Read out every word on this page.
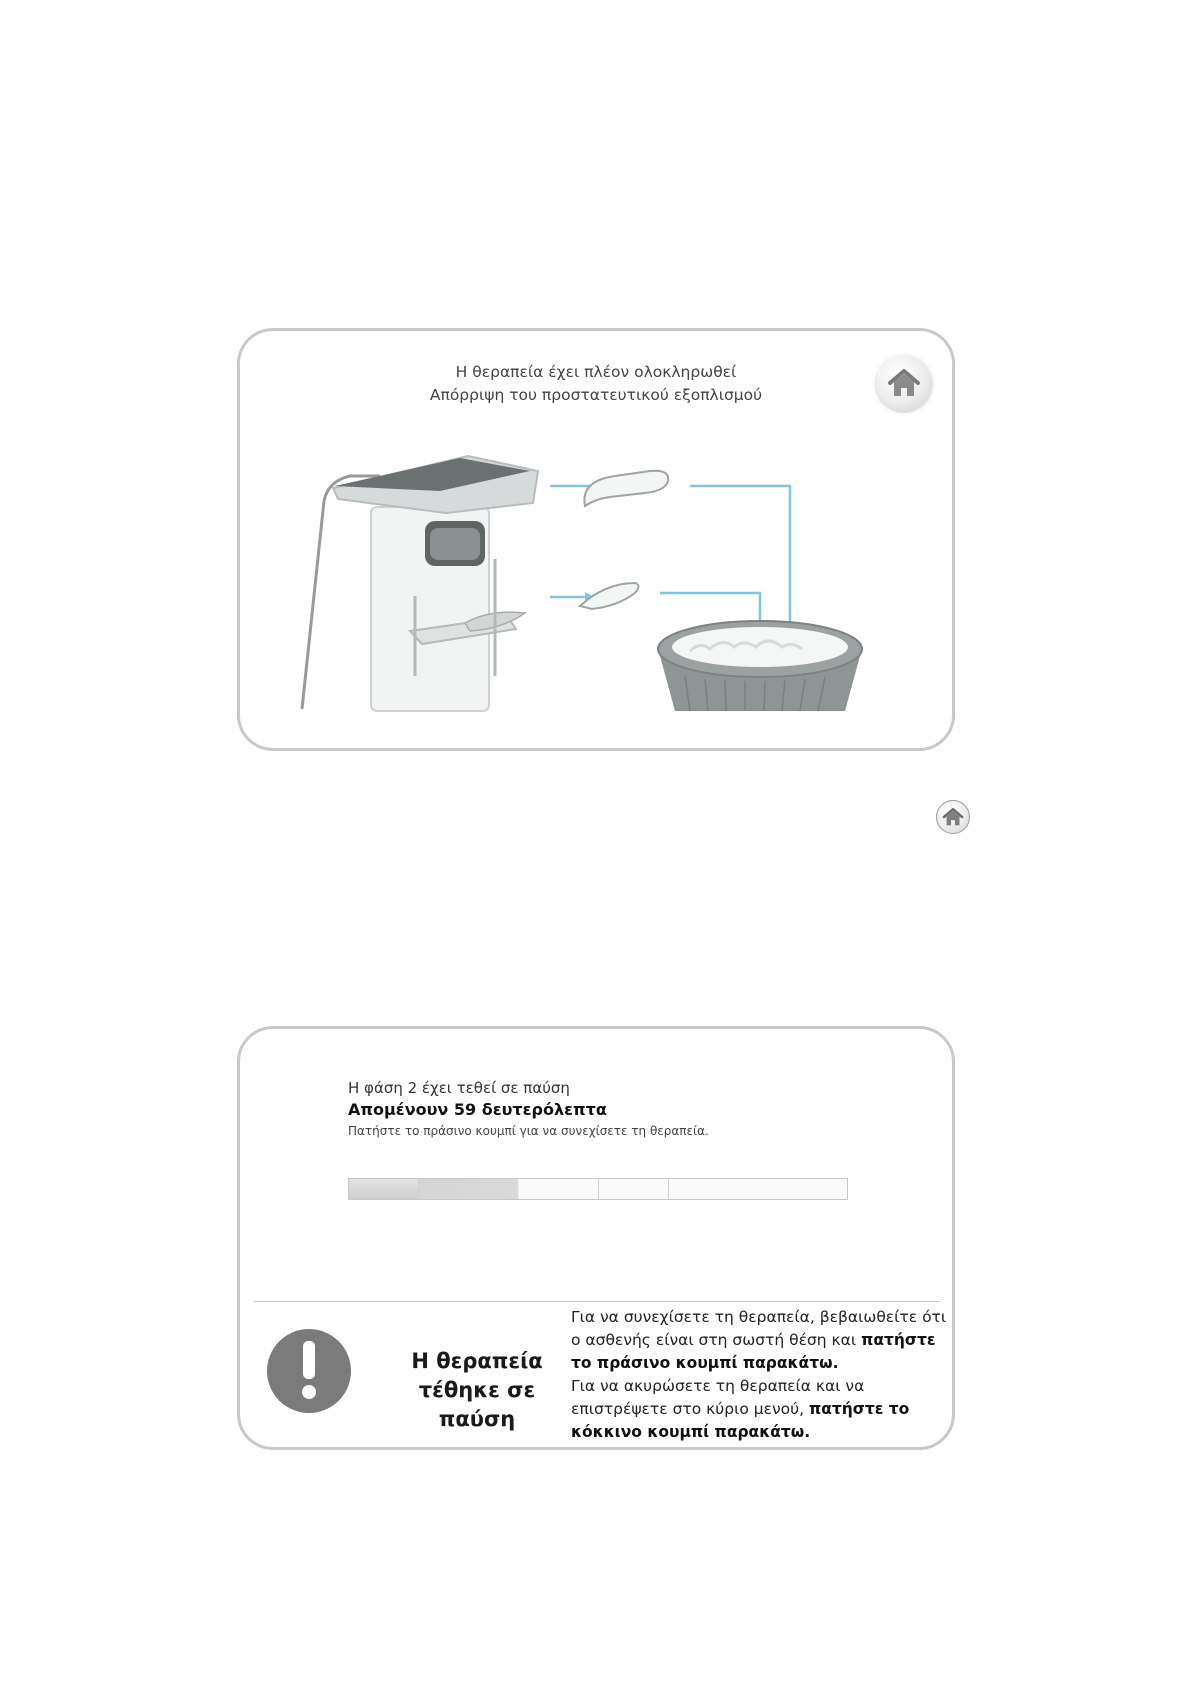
Η θεραπεία έχει πλέον ολοκληρωθεί
Απόρριψη του προστατευτικού εξοπλισμού
Η φάση 2 έχει τεθεί σε παύση
Απομένουν 59 δευτερόλεπτα
Πατήστε το πράσινο κουμπί για να συνεχίσετε τη θεραπεία.
Η θεραπεία
τέθηκε σε παύση
Για να συνεχίσετε τη θεραπεία, βεβαιωθείτε ότι ο ασθενής είναι στη σωστή θέση και πατήστε το πράσινο κουμπί παρακάτω.
Για να ακυρώσετε τη θεραπεία και να επιστρέψετε στο κύριο μενού, πατήστε το κόκκινο κουμπί παρακάτω.
